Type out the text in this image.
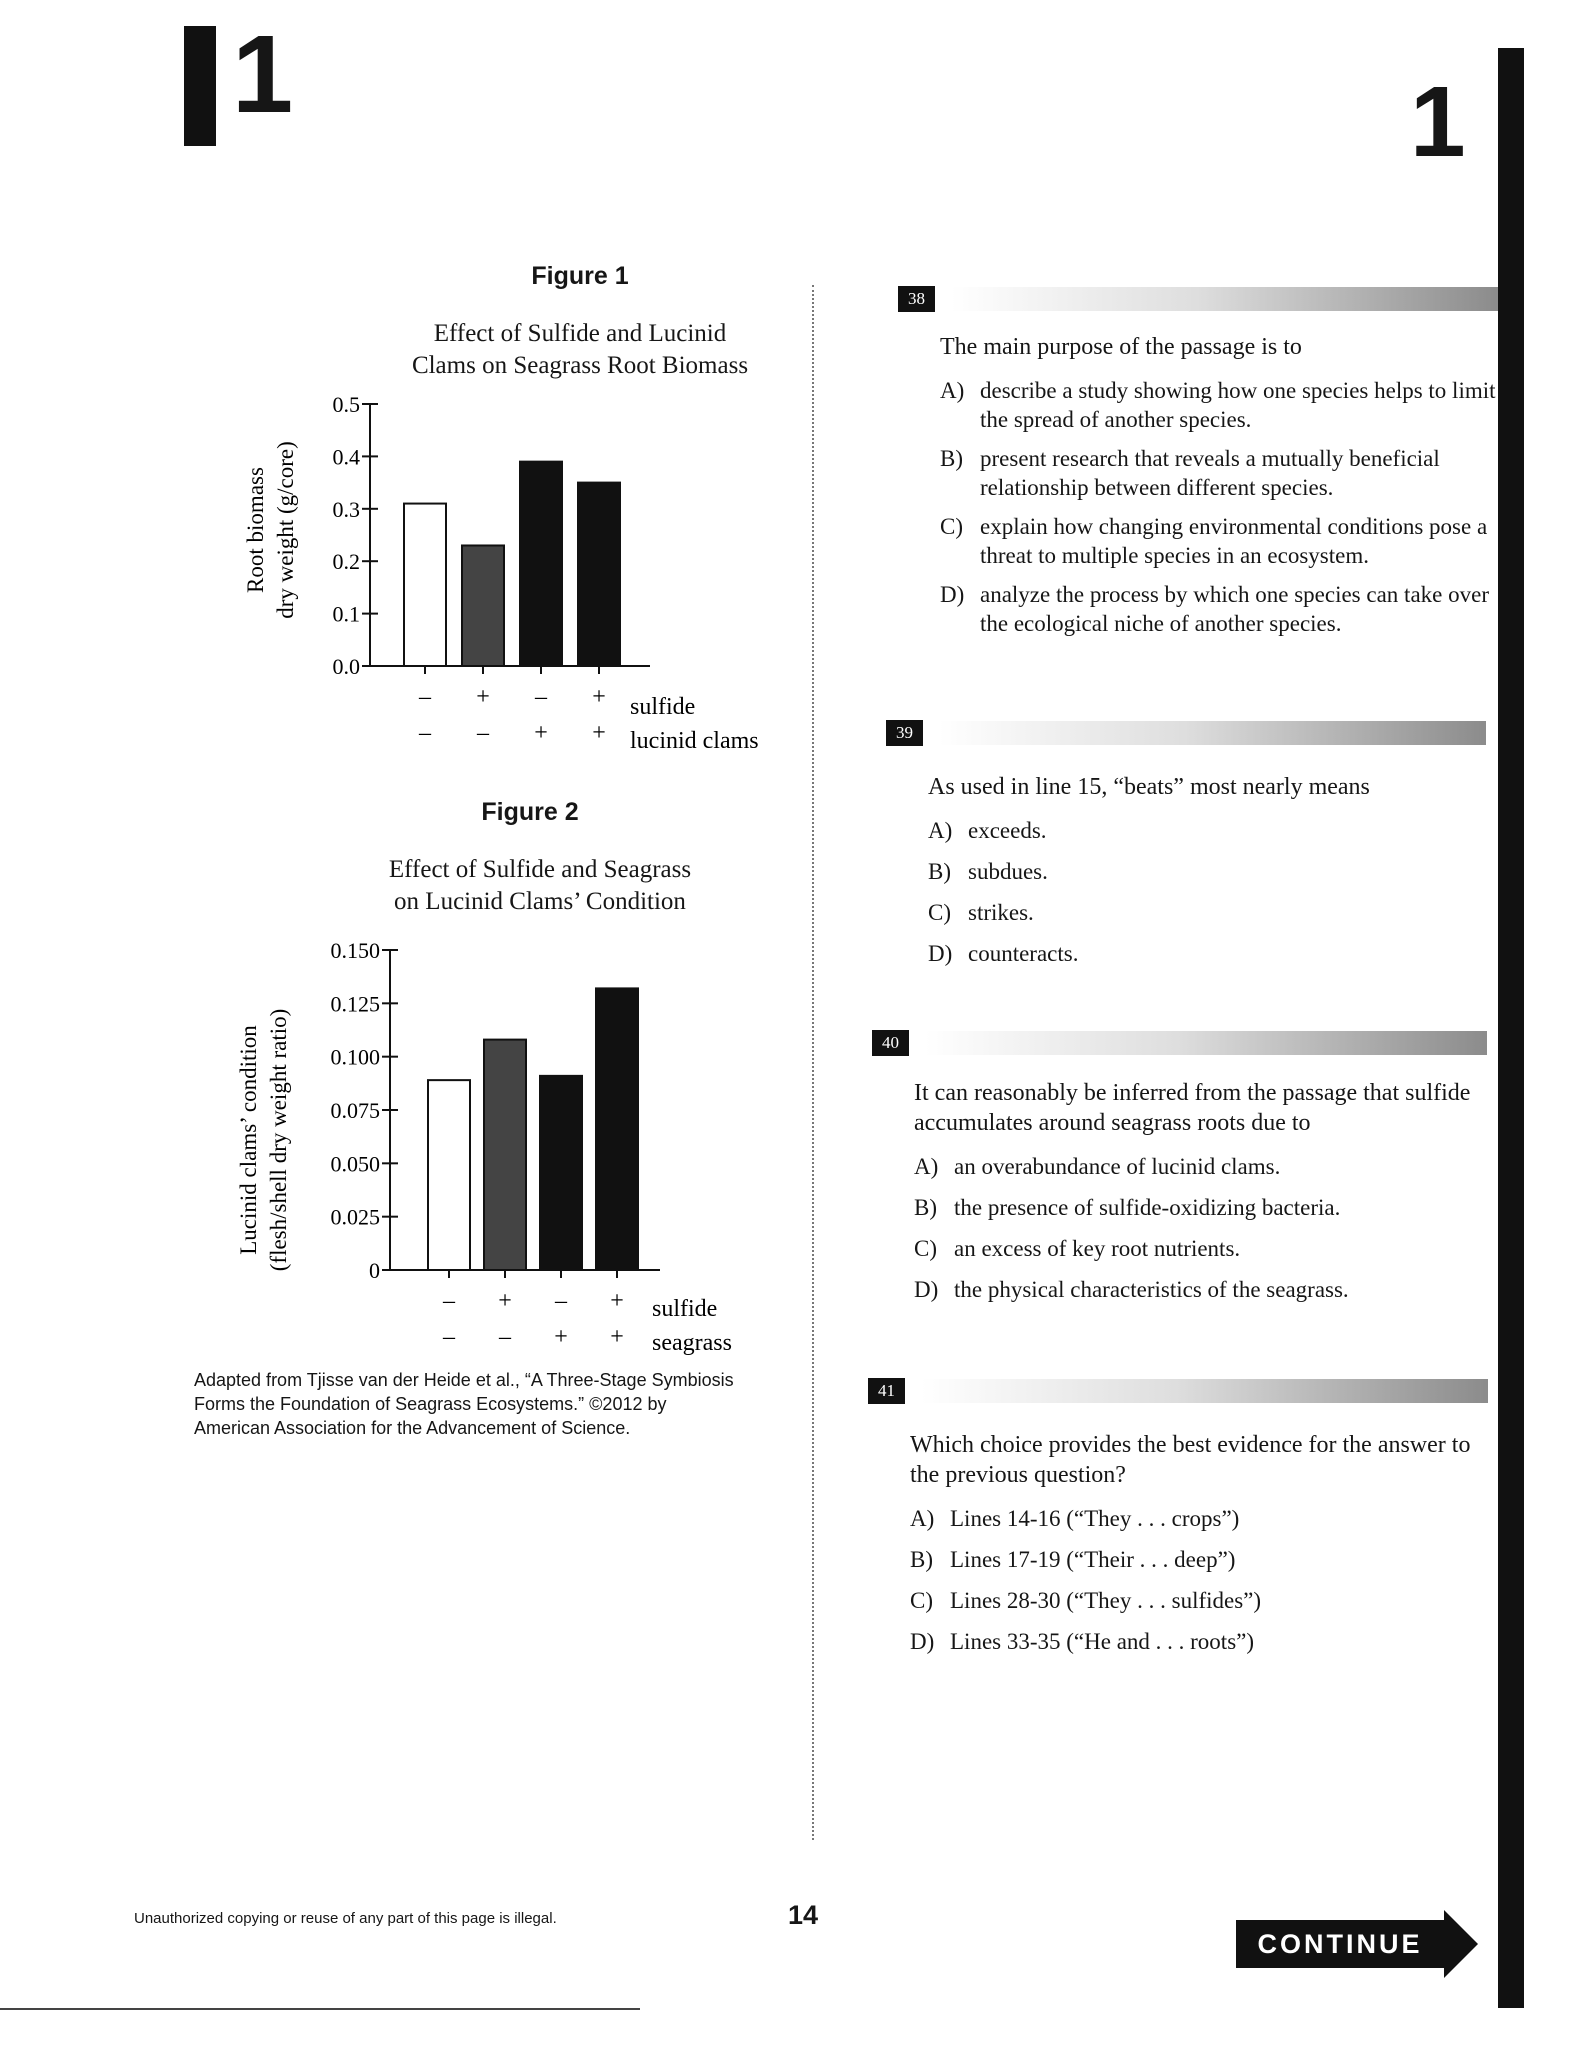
1	1
Figure 1
Effect of Sulfide and Lucinid
Clams on Seagrass Root Biomass
Root biomass dry weight (g/core)
0.0
0.1
0.2
0.3
0.4
0.5
–
–
+
–
–
+
+
+
sulfide
lucinid clams
Figure 2
Effect of Sulfide and Seagrass
on Lucinid Clams’ Condition
Lucinid clams’ condition (flesh/shell dry weight ratio)	0
0.025
0.050
0.075
0.100
0.125
0.150
–
–
+
–
–
+
+
+
sulfide
seagrass
Adapted from Tjisse van der Heide et al., “A Three-Stage Symbiosis
Forms the Foundation of Seagrass Ecosystems.” ©2012 by
American Association for the Advancement of Science.
38
The main purpose of the passage is to
A) describe a study showing how one species helps to limit the spread of another species.
B) present research that reveals a mutually beneficial relationship between different species.
C) explain how changing environmental conditions pose a threat to multiple species in an ecosystem.
D) analyze the process by which one species can take over the ecological niche of another species.
39
As used in line 15, “beats” most nearly means
A) exceeds.
B) subdues.
C) strikes.
D) counteracts.
40
It can reasonably be inferred from the passage that sulfide accumulates around seagrass roots due to
A) an overabundance of lucinid clams.
B) the presence of sulfide-oxidizing bacteria.
C) an excess of key root nutrients.
D) the physical characteristics of the seagrass.
41
Which choice provides the best evidence for the answer to the previous question?
A) Lines 14-16 (“They . . . crops”)
B) Lines 17-19 (“Their . . . deep”)
C) Lines 28-30 (“They . . . sulfides”)
D) Lines 33-35 (“He and . . . roots”)
Unauthorized copying or reuse of any part of this page is illegal.	14
CONTINUE
